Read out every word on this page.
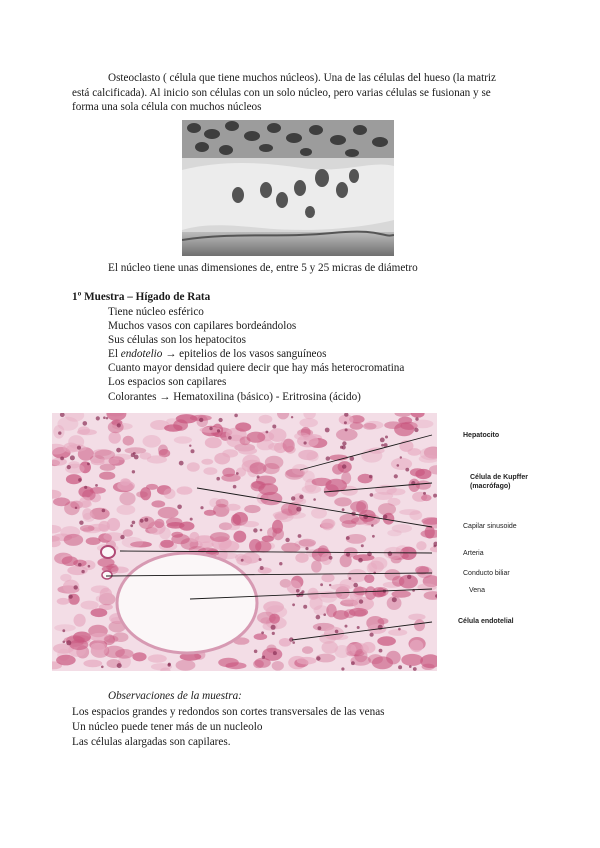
Osteoclasto ( célula que tiene muchos núcleos). Una de las células del hueso (la matriz está calcificada). Al inicio son células con un solo núcleo, pero varias células se fusionan y se forma una sola célula con muchos núcleos
El núcleo tiene unas dimensiones de, entre 5 y 25 micras de diámetro
1º Muestra – Hígado de Rata
Tiene núcleo esférico
Muchos vasos con capilares bordeándolos
Sus células son los hepatocitos
El endotelio → epitelios de los vasos sanguíneos
Cuanto mayor densidad quiere decir que hay más heterocromatina
Los espacios son capilares
Colorantes → Hematoxilina (básico) - Eritrosina (ácido)
Hepatocito
Célula de Kupffer
(macrófago)
Capilar sinusoide
Arteria
Conducto biliar
Vena
Célula endotelial
Observaciones de la muestra:
Los espacios grandes y redondos son cortes transversales de las venas
Un núcleo puede tener más de un nucleolo
Las células alargadas son capilares.
